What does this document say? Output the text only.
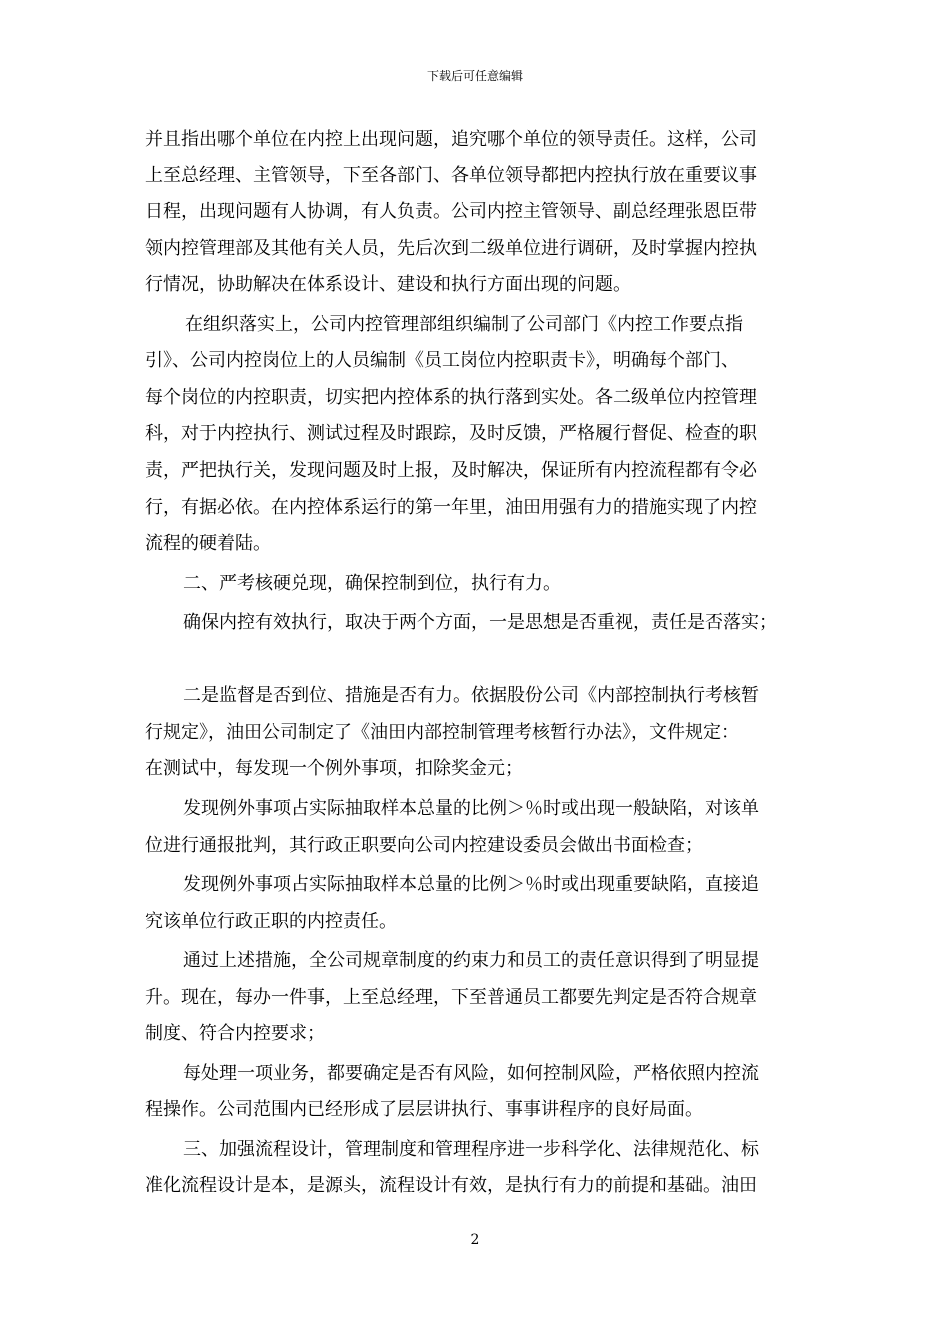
下载后可任意编辑
并且指出哪个单位在内控上出现问题，追究哪个单位的领导责任。这样，公司
上至总经理、主管领导，下至各部门、各单位领导都把内控执行放在重要议事
日程，出现问题有人协调，有人负责。公司内控主管领导、副总经理张恩臣带
领内控管理部及其他有关人员，先后次到二级单位进行调研，及时掌握内控执
行情况，协助解决在体系设计、建设和执行方面出现的问题。
在组织落实上，公司内控管理部组织编制了公司部门《内控工作要点指
引》、公司内控岗位上的人员编制《员工岗位内控职责卡》，明确每个部门、
每个岗位的内控职责，切实把内控体系的执行落到实处。各二级单位内控管理
科，对于内控执行、测试过程及时跟踪，及时反馈，严格履行督促、检查的职
责，严把执行关，发现问题及时上报，及时解决，保证所有内控流程都有令必
行，有据必依。在内控体系运行的第一年里，油田用强有力的措施实现了内控
流程的硬着陆。
二、严考核硬兑现，确保控制到位，执行有力。
确保内控有效执行，取决于两个方面，一是思想是否重视，责任是否落实；
二是监督是否到位、措施是否有力。依据股份公司《内部控制执行考核暂
行规定》，油田公司制定了《油田内部控制管理考核暂行办法》，文件规定：
在测试中，每发现一个例外事项，扣除奖金元；
发现例外事项占实际抽取样本总量的比例＞％时或出现一般缺陷，对该单
位进行通报批判，其行政正职要向公司内控建设委员会做出书面检查；
发现例外事项占实际抽取样本总量的比例＞％时或出现重要缺陷，直接追
究该单位行政正职的内控责任。
通过上述措施，全公司规章制度的约束力和员工的责任意识得到了明显提
升。现在，每办一件事，上至总经理，下至普通员工都要先判定是否符合规章
制度、符合内控要求；
每处理一项业务，都要确定是否有风险，如何控制风险，严格依照内控流
程操作。公司范围内已经形成了层层讲执行、事事讲程序的良好局面。
三、加强流程设计，管理制度和管理程序进一步科学化、法律规范化、标
准化流程设计是本，是源头，流程设计有效，是执行有力的前提和基础。油田
2
